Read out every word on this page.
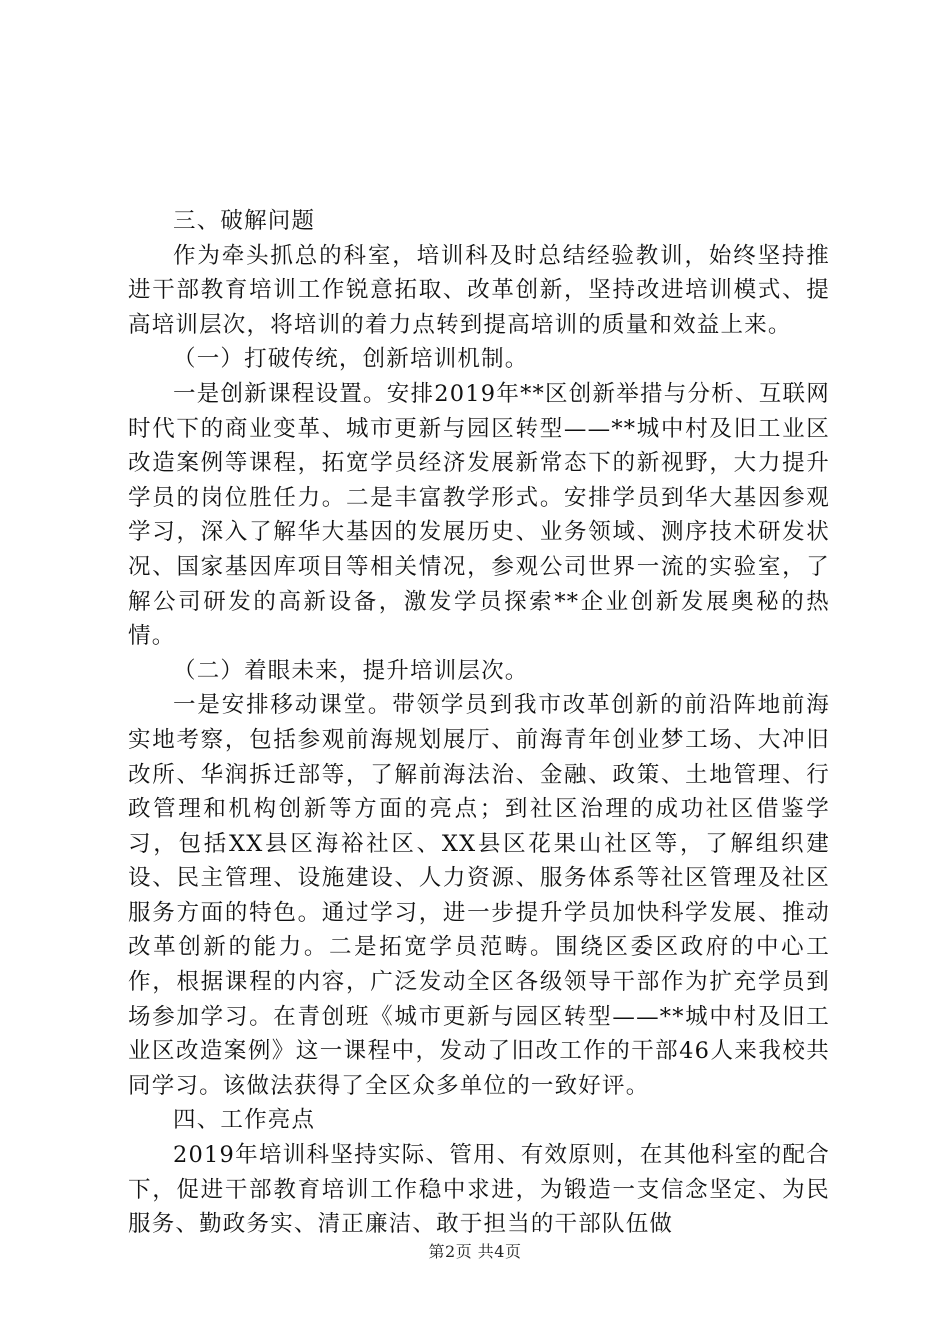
三、破解问题

作为牵头抓总的科室，培训科及时总结经验教训，始终坚持推进干部教育培训工作锐意拓取、改革创新，坚持改进培训模式、提高培训层次，将培训的着力点转到提高培训的质量和效益上来。

（一）打破传统，创新培训机制。

一是创新课程设置。安排2019年**区创新举措与分析、互联网时代下的商业变革、城市更新与园区转型——**城中村及旧工业区改造案例等课程，拓宽学员经济发展新常态下的新视野，大力提升学员的岗位胜任力。二是丰富教学形式。安排学员到华大基因参观学习，深入了解华大基因的发展历史、业务领域、测序技术研发状况、国家基因库项目等相关情况，参观公司世界一流的实验室，了解公司研发的高新设备，激发学员探索**企业创新发展奥秘的热情。

（二）着眼未来，提升培训层次。

一是安排移动课堂。带领学员到我市改革创新的前沿阵地前海实地考察，包括参观前海规划展厅、前海青年创业梦工场、大冲旧改所、华润拆迁部等，了解前海法治、金融、政策、土地管理、行政管理和机构创新等方面的亮点；到社区治理的成功社区借鉴学习，包括XX县区海裕社区、XX县区花果山社区等，了解组织建设、民主管理、设施建设、人力资源、服务体系等社区管理及社区服务方面的特色。通过学习，进一步提升学员加快科学发展、推动改革创新的能力。二是拓宽学员范畴。围绕区委区政府的中心工作，根据课程的内容，广泛发动全区各级领导干部作为扩充学员到场参加学习。在青创班《城市更新与园区转型——**城中村及旧工业区改造案例》这一课程中，发动了旧改工作的干部46人来我校共同学习。该做法获得了全区众多单位的一致好评。

四、工作亮点

2019年培训科坚持实际、管用、有效原则，在其他科室的配合下，促进干部教育培训工作稳中求进，为锻造一支信念坚定、为民服务、勤政务实、清正廉洁、敢于担当的干部队伍做

第2页 共4页
